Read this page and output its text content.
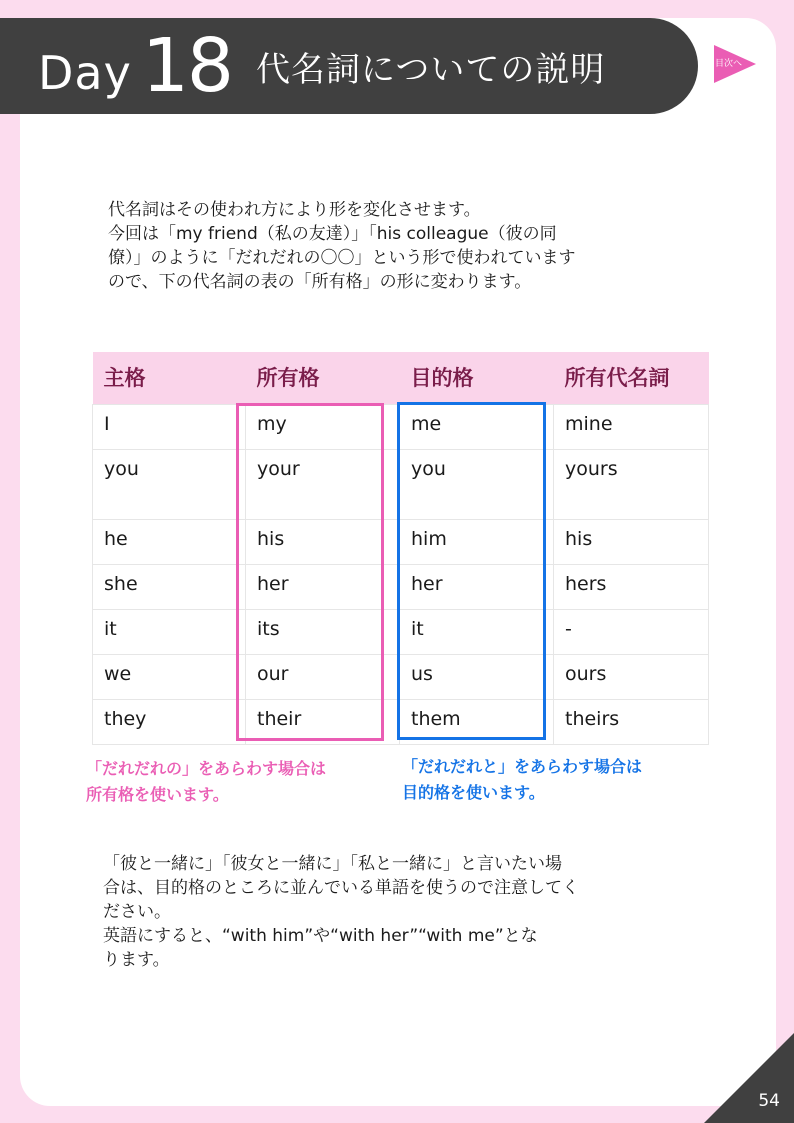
Day 18 代名詞についての説明	目次へ
代名詞はその使われ方により形を変化させます。
今回は「my friend（私の友達）」「his colleague（彼の同
僚）」のように「だれだれの〇〇」という形で使われています
ので、下の代名詞の表の「所有格」の形に変わります。
主格	所有格	目的格	所有代名詞
I	my	me	mine
you	your	you	yours
he	his	him	his
she	her	her	hers
it	its	it	-
we	our	us	ours
they	their	them	theirs
「だれだれの」をあらわす場合は
所有格を使います。
「だれだれと」をあらわす場合は
目的格を使います。
「彼と一緒に」「彼女と一緒に」「私と一緒に」と言いたい場
合は、目的格のところに並んでいる単語を使うので注意してく
ださい。
英語にすると、“with him”や“with her”“with me”とな
ります。
54
